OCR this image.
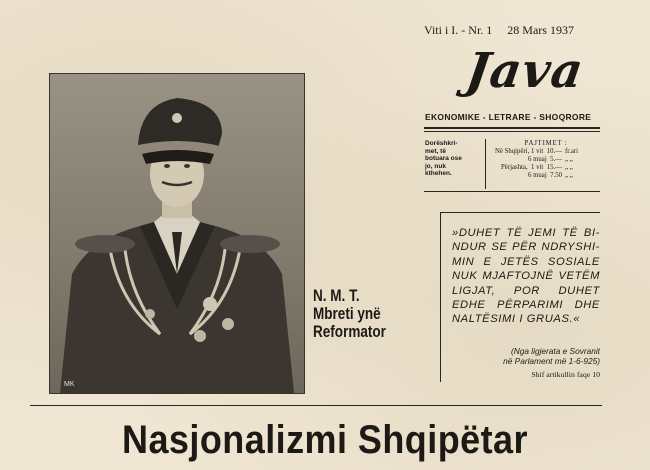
Viti i I. - Nr. 1 28 Mars 1937
Java
EKONOMIKE - LETRARE - SHOQRORE
Dorëshkri-
met, të
botuara ose
jo, nuk
kthehen.
PAJTIMET :
Në Shqipëri, 1 vit  10.— fr.ari
6 muaj  5.— „ „
Përjashta,  1 vit  15.— „ „
6 muaj  7.50 „ „
MK
N. M. T.
Mbreti ynë
Reformator
»DUHET TË JEMI TË BI-NDUR SE PËR NDRYSHI-MIN E JETËS SOSIALE NUK MJAFTOJNË VETËM LIGJAT, POR DUHET EDHE PËRPARIMI DHE NALTËSIMI I GRUAS.«
(Nga ligjerata e Sovranit
në Parlament më 1-6-925)
Shif artikullin faqe 10
Nasjonalizmi Shqipëtar
